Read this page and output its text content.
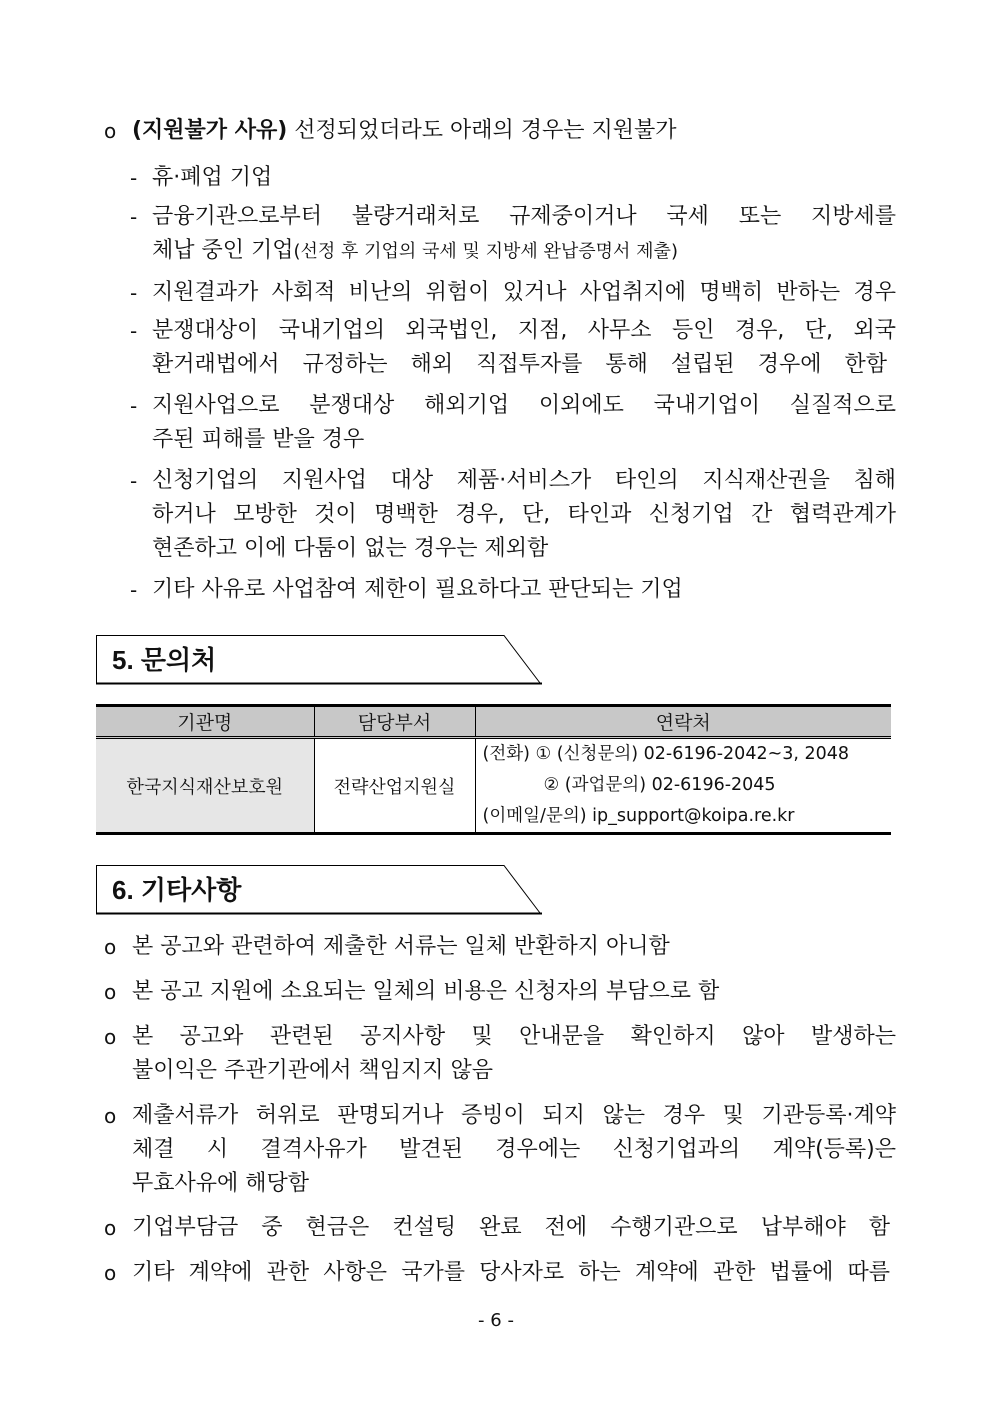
o (지원불가 사유) 선정되었더라도 아래의 경우는 지원불가
- 휴·폐업 기업
- 금융기관으로부터 불량거래처로 규제중이거나 국세 또는 지방세를
체납 중인 기업(선정 후 기업의 국세 및 지방세 완납증명서 제출)
- 지원결과가 사회적 비난의 위험이 있거나 사업취지에 명백히 반하는 경우
- 분쟁대상이 국내기업의 외국법인, 지점, 사무소 등인 경우, 단, 외국
환거래법에서 규정하는 해외 직접투자를 통해 설립된 경우에 한함
- 지원사업으로 분쟁대상 해외기업 이외에도 국내기업이 실질적으로
주된 피해를 받을 경우
- 신청기업의 지원사업 대상 제품·서비스가 타인의 지식재산권을 침해
하거나 모방한 것이 명백한 경우, 단, 타인과 신청기업 간 협력관계가
현존하고 이에 다툼이 없는 경우는 제외함
- 기타 사유로 사업참여 제한이 필요하다고 판단되는 기업
5. 문의처
기관명	담당부서	연락처
한국지식재산보호원	전략산업지원실	(전화) ① (신청문의) 02-6196-2042~3, 2048
② (과업문의) 02-6196-2045
(이메일/문의) ip_support@koipa.re.kr
6. 기타사항
o 본 공고와 관련하여 제출한 서류는 일체 반환하지 아니함
o 본 공고 지원에 소요되는 일체의 비용은 신청자의 부담으로 함
o 본 공고와 관련된 공지사항 및 안내문을 확인하지 않아 발생하는
불이익은 주관기관에서 책임지지 않음
o 제출서류가 허위로 판명되거나 증빙이 되지 않는 경우 및 기관등록·계약
체결 시 결격사유가 발견된 경우에는 신청기업과의 계약(등록)은
무효사유에 해당함
o 기업부담금 중 현금은 컨설팅 완료 전에 수행기관으로 납부해야 함
o 기타 계약에 관한 사항은 국가를 당사자로 하는 계약에 관한 법률에 따름
- 6 -
